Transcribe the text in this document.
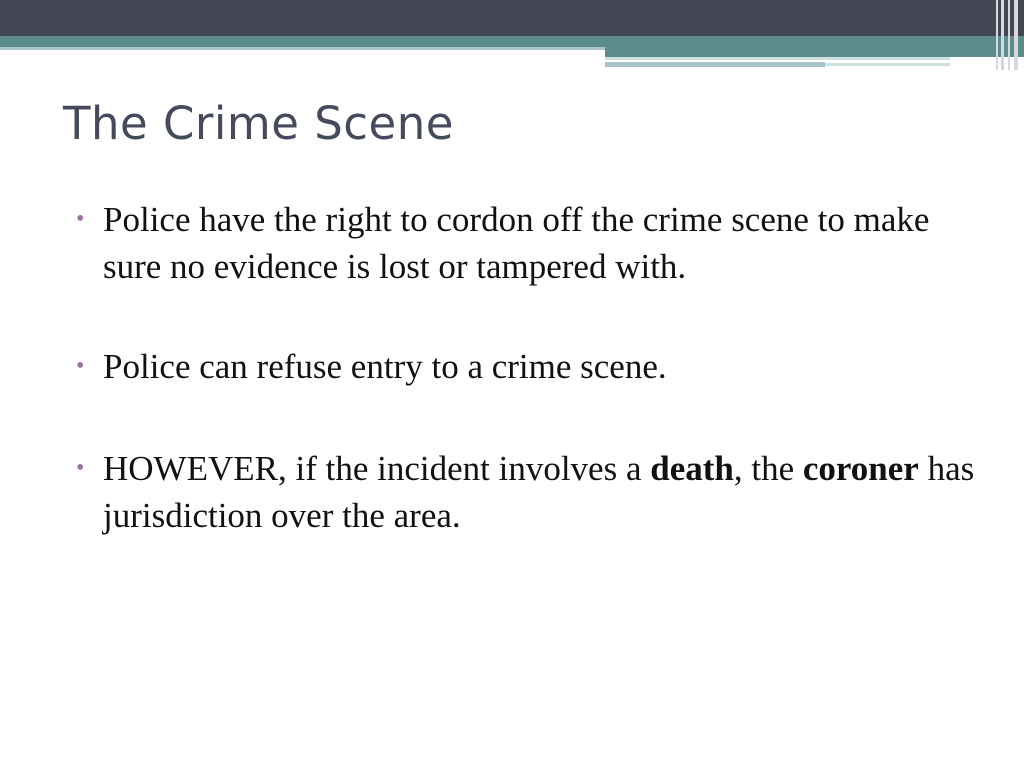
The Crime Scene
• Police have the right to cordon off the crime scene to make sure no evidence is lost or tampered with.
• Police can refuse entry to a crime scene.
• HOWEVER, if the incident involves a death, the coroner has jurisdiction over the area.
